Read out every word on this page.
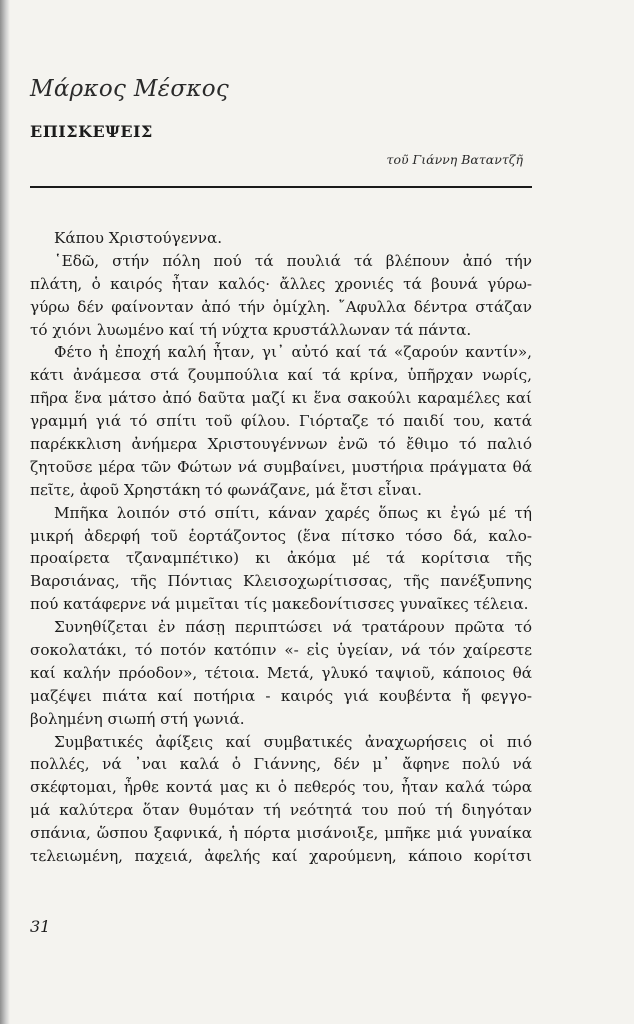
Μάρκος Μέσκος
ΕΠΙΣΚΕΨΕΙΣ
τοῦ Γιάννη Βαταντζῆ

Κάπου Χριστούγεννα.

῾Εδῶ, στήν πόλη πού τά πουλιά τά βλέπουν ἀπό τήν
πλάτη, ὁ καιρός ἦταν καλός· ἄλλες χρονιές τά βουνά γύρω-
γύρω δέν φαίνονταν ἀπό τήν ὁμίχλη. ῎Αφυλλα δέντρα στάζαν
τό χιόνι λυωμένο καί τή νύχτα κρυστάλλωναν τά πάντα.

Φέτο ἡ ἐποχή καλή ἦταν, γι᾿ αὐτό καί τά «ζαρούν καντίν»,
κάτι ἀνάμεσα στά ζουμπούλια καί τά κρίνα, ὑπῆρχαν νωρίς,
πῆρα ἕνα μάτσο ἀπό δαῦτα μαζί κι ἕνα σακούλι καραμέλες καί
γραμμή γιά τό σπίτι τοῦ φίλου. Γιόρταζε τό παιδί του, κατά
παρέκκλιση ἀνήμερα Χριστουγέννων ἐνῶ τό ἔθιμο τό παλιό
ζητοῦσε μέρα τῶν Φώτων νά συμβαίνει, μυστήρια πράγματα θά
πεῖτε, ἀφοῦ Χρηστάκη τό φωνάζανε, μά ἔτσι εἶναι.

Μπῆκα λοιπόν στό σπίτι, κάναν χαρές ὅπως κι ἐγώ μέ τή
μικρή ἀδερφή τοῦ ἑορτάζοντος (ἕνα πίτσκο τόσο δά, καλο-
προαίρετα τζαναμπέτικο) κι ἀκόμα μέ τά κορίτσια τῆς
Βαρσιάνας, τῆς Πόντιας Κλεισοχωρίτισσας, τῆς πανέξυπνης
πού κατάφερνε νά μιμεῖται τίς μακεδονίτισσες γυναῖκες τέλεια.

Συνηθίζεται ἐν πάσῃ περιπτώσει νά τρατάρουν πρῶτα τό
σοκολατάκι, τό ποτόν κατόπιν «- εἰς ὑγείαν, νά τόν χαίρεστε
καί καλήν πρόοδον», τέτοια. Μετά, γλυκό ταψιοῦ, κάποιος θά
μαζέψει πιάτα καί ποτήρια - καιρός γιά κουβέντα ἤ φεγγο-
βολημένη σιωπή στή γωνιά.

Συμβατικές ἀφίξεις καί συμβατικές ἀναχωρήσεις οἱ πιό
πολλές, νά ᾿ναι καλά ὁ Γιάννης, δέν μ᾿ ἄφηνε πολύ νά
σκέφτομαι, ἦρθε κοντά μας κι ὁ πεθερός του, ἦταν καλά τώρα
μά καλύτερα ὅταν θυμόταν τή νεότητά του πού τή διηγόταν
σπάνια, ὥσπου ξαφνικά, ἡ πόρτα μισάνοιξε, μπῆκε μιά γυναίκα
τελειωμένη, παχειά, ἀφελής καί χαρούμενη, κάποιο κορίτσι

31
